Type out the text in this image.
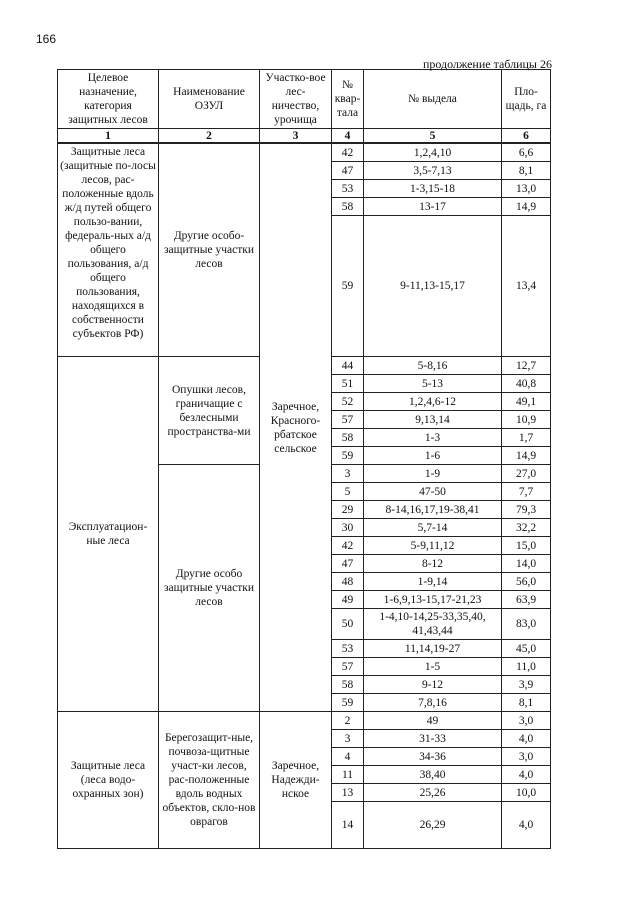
166
продолжение таблицы 26
Целевое назначение, категория защитных лесов	Наименование ОЗУЛ	Участко-вое лес-ничество, урочища	№ квар-тала	№ выдела	Пло-щадь, га
1	2	3	4	5	6
Защитные леса (защитные по-лосы лесов, рас-положенные вдоль ж/д путей общего пользо-вании, федераль-ных а/д общего пользования, а/д общего пользования, находящихся в собственности субъектов РФ)	Другие особо-защитные участки лесов	Заречное, Красного-рбатское сельское	42	1,2,4,10	6,6
			47	3,5-7,13	8,1
			53	1-3,15-18	13,0
			58	13-17	14,9
			59	9-11,13-15,17	13,4
Эксплуатацион-ные леса	Опушки лесов, граничащие с безлесными пространства-ми		44	5-8,16	12,7
			51	5-13	40,8
			52	1,2,4,6-12	49,1
			57	9,13,14	10,9
			58	1-3	1,7
			59	1-6	14,9
	Другие особо защитные участки лесов		3	1-9	27,0
			5	47-50	7,7
			29	8-14,16,17,19-38,41	79,3
			30	5,7-14	32,2
			42	5-9,11,12	15,0
			47	8-12	14,0
			48	1-9,14	56,0
			49	1-6,9,13-15,17-21,23	63,9
			50	1-4,10-14,25-33,35,40, 41,43,44	83,0
			53	11,14,19-27	45,0
			57	1-5	11,0
			58	9-12	3,9
			59	7,8,16	8,1
Защитные леса (леса водо-охранных зон)	Берегозащит-ные, почвоза-щитные участ-ки лесов, рас-положенные вдоль водных объектов, скло-нов оврагов	Заречное, Надежди-нское	2	49	3,0
			3	31-33	4,0
			4	34-36	3,0
			11	38,40	4,0
			13	25,26	10,0
			14	26,29	4,0
